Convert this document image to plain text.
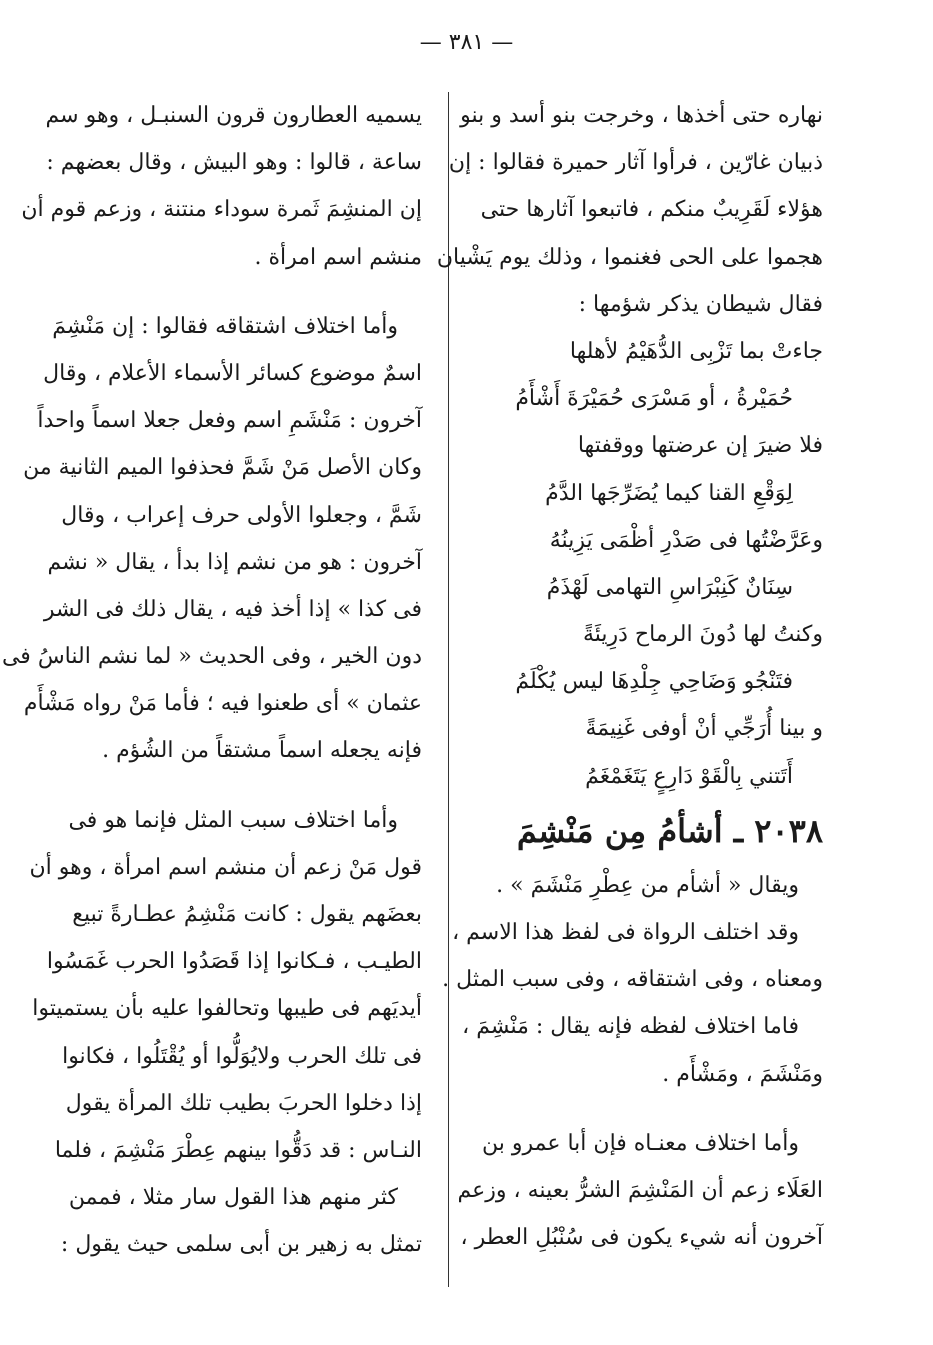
— ٣٨١ —
نهاره حتى أخذها ، وخرجت بنو أسد و بنو
ذبيان غارّين ، فرأوا آثار حميرة فقالوا : إن
هؤلاء لَقَرِيبٌ منكم ، فاتبعوا آثارها حتى
هجموا على الحى فغنموا ، وذلك يوم يَشْيان
فقال شيطان يذكر شؤمها :
جاءتْ بما تَزْبِى الدُّهَيْمُ لأهلها
حُمَيْرةُ ، أو مَسْرَى حُمَيْرَةَ أَشْأَمُ
فلا ضيرَ إن عرضتها ووقفتها
لِوَقْعِ القنا كيما يُضَرِّجَها الدَّمُ
وعَرَّضْتُها فى صَدْرِ أظْمَى يَزِينُهُ
سِنَانٌ كَنِبْرَاسِ التهامى لَهْذَمُ
وكنتُ لها دُونَ الرماح دَرِيئَةً
فتَنْجُو وَضَاحِي جِلْدِهَا ليس يُكْلَمُ
و بينا أُرَجِّي أنْ أوفى غَنِيمَةً
أَتَتني بِالْقَوْ دَارِعٍ يَتَغَمْغَمُ
٢٠٣٨ ـ أشأمُ مِن مَنْشِمَ
ويقال « أشأم من عِطْرِ مَنْشَمَ » .
وقد اختلف الرواة فى لفظ هذا الاسم ،
ومعناه ، وفى اشتقاقه ، وفى سبب المثل .
فاما اختلاف لفظه فإنه يقال : مَنْشِمَ ،
ومَنْشَمَ ، ومَشْأَم .
وأما اختلاف معنـاه فإن أبا عمرو بن
العَلَاء زعم أن المَنْشِمَ الشرُّ بعينه ، وزعم
آخرون أنه شيء يكون فى سُنْبُلِ العطر ،
يسميه العطارون قرون السنبـل ، وهو سم
ساعة ، قالوا : وهو البيش ، وقال بعضهم :
إن المنشِمَ ثَمرة سوداء منتنة ، وزعم قوم أن
منشم اسم امرأة .
وأما اختلاف اشتقاقه فقالوا : إن مَنْشِمَ
اسمٌ موضوع كسائر الأسماء الأعلام ، وقال
آخرون : مَنْشَمِ اسم وفعل جعلا اسماً واحداً
وكان الأصل مَنْ شَمَّ فحذفوا الميم الثانية من
شَمَّ ، وجعلوا الأولى حرف إعراب ، وقال
آخرون : هو من نشم إذا بدأ ، يقال « نشم
فى كذا » إذا أخذ فيه ، يقال ذلك فى الشر
دون الخير ، وفى الحديث « لما نشم الناسُ فى
عثمان » أى طعنوا فيه ؛ فأما مَنْ رواه مَشْأَم
فإنه يجعله اسماً مشتقاً من الشُؤم .
وأما اختلاف سبب المثل فإنما هو فى
قول مَنْ زعم أن منشم اسم امرأة ، وهو أن
بعضَهم يقول : كانت مَنْشِمُ عطـارةً تبيع
الطيـب ، فـكانوا إذا قَصَدُوا الحرب غَمَسُوا
أيديَهم فى طيبها وتحالفوا عليه بأن يستميتوا
فى تلك الحرب ولايُوَلُّوا أو يُقْتَلُوا ، فكانوا
إذا دخلوا الحربَ بطيب تلك المرأة يقول
النـاس : قد دَقُّوا بينهم عِطْرَ مَنْشِمَ ، فلما
كثر منهم هذا القول سار مثلا ، فممن
تمثل به زهير بن أبى سلمى حيث يقول :
